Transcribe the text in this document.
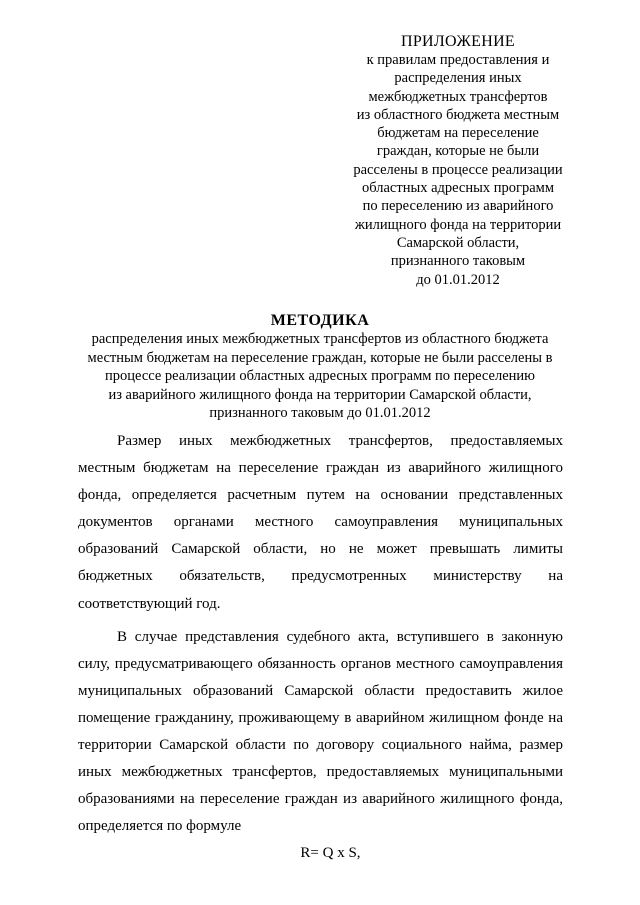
ПРИЛОЖЕНИЕ
к правилам предоставления и
распределения иных
межбюджетных трансфертов
из областного бюджета местным
бюджетам на переселение
граждан, которые не были
расселены в процессе реализации
областных адресных программ
по переселению из аварийного
жилищного фонда на территории
Самарской области,
признанного таковым
до 01.01.2012
МЕТОДИКА
распределения иных межбюджетных трансфертов из областного бюджета
местным бюджетам на переселение граждан, которые не были расселены в
процессе реализации областных адресных программ по переселению
из аварийного жилищного фонда на территории Самарской области,
признанного таковым до 01.01.2012
Размер иных межбюджетных трансфертов, предоставляемых
местным бюджетам на переселение граждан из аварийного жилищного
фонда, определяется расчетным путем на основании представленных
документов органами местного самоуправления муниципальных
образований Самарской области, но не может превышать лимиты
бюджетных обязательств, предусмотренных министерству на
соответствующий год.
В случае представления судебного акта, вступившего в законную
силу, предусматривающего обязанность органов местного самоуправления
муниципальных образований Самарской области предоставить жилое
помещение гражданину, проживающему в аварийном жилищном фонде на
территории Самарской области по договору социального найма, размер
иных межбюджетных трансфертов, предоставляемых муниципальными
образованиями на переселение граждан из аварийного жилищного фонда,
определяется по формуле
R= Q x S,
